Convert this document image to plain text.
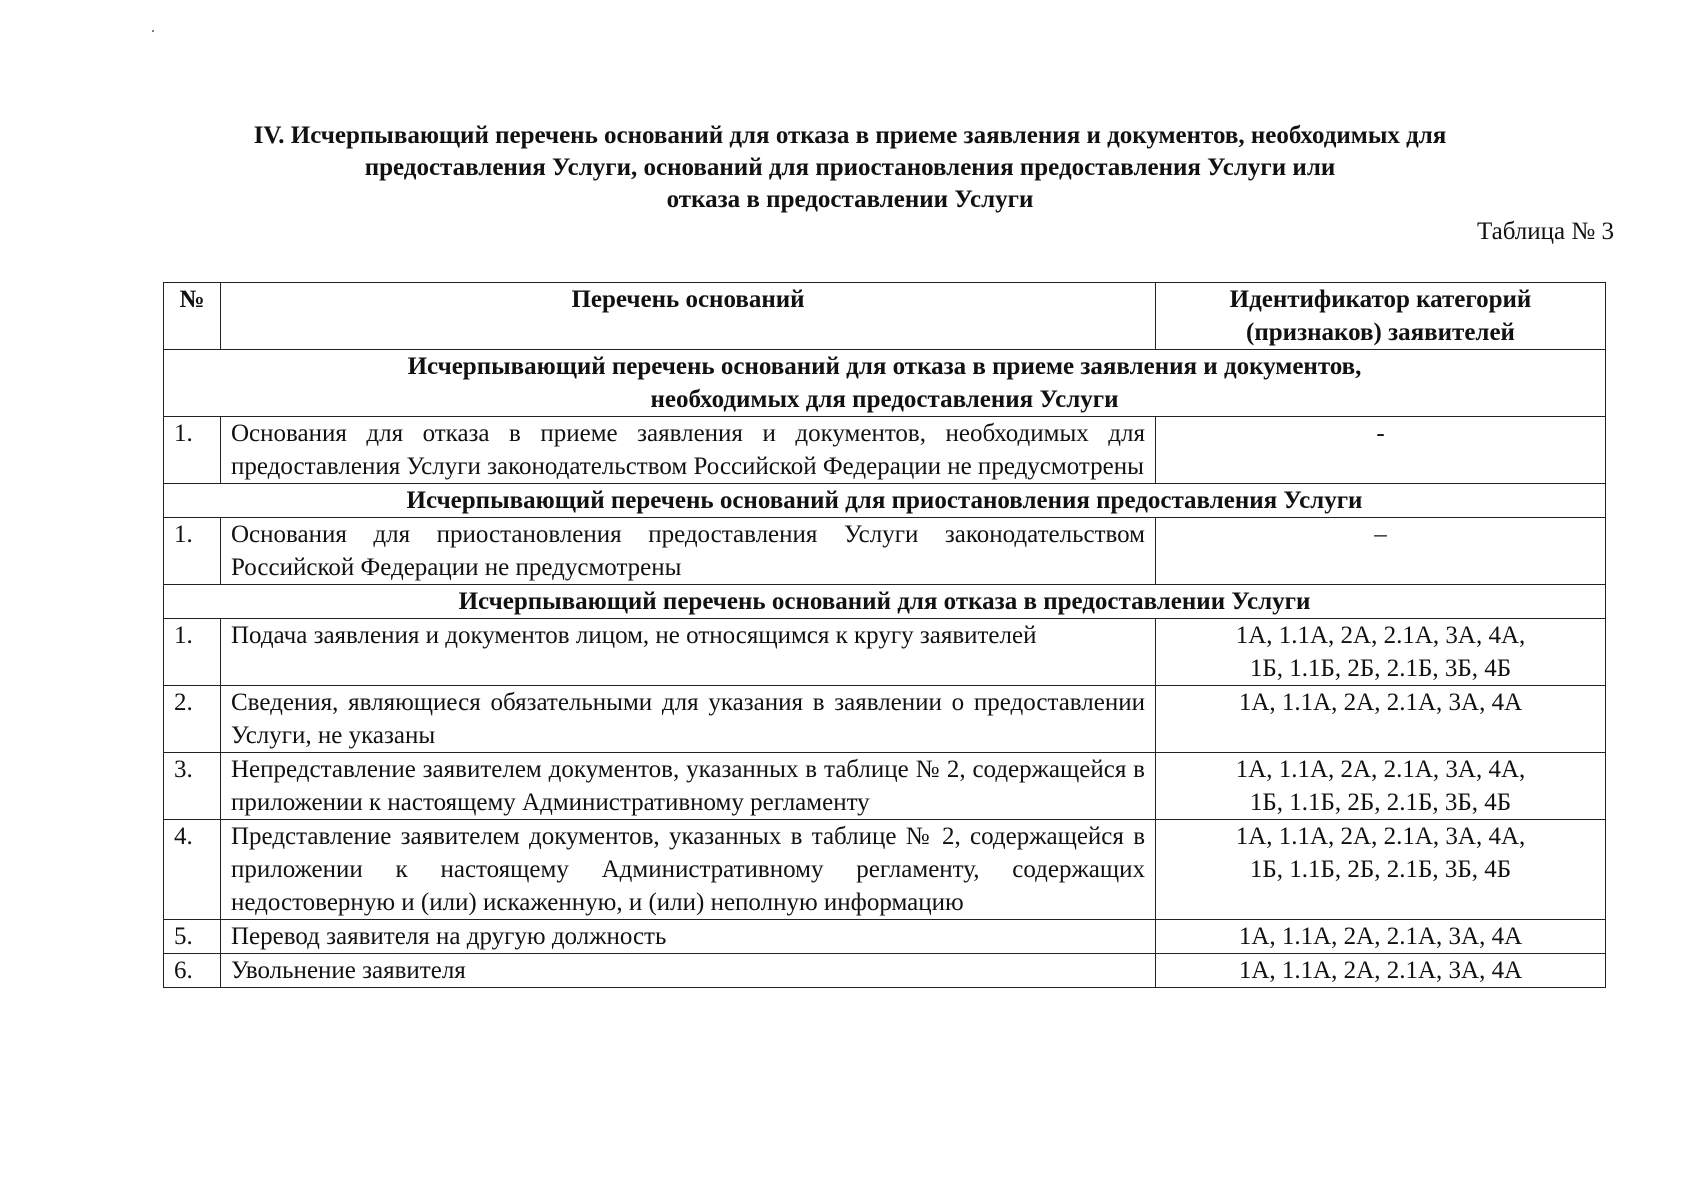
IV. Исчерпывающий перечень оснований для отказа в приеме заявления и документов, необходимых для
предоставления Услуги, оснований для приостановления предоставления Услуги или
отказа в предоставлении Услуги
Таблица № 3
№	Перечень оснований	Идентификатор категорий
(признаков) заявителей

Исчерпывающий перечень оснований для отказа в приеме заявления и документов,
необходимых для предоставления Услуги		

1.	Основания для отказа в приеме заявления и документов, необходимых для предоставления Услуги законодательством Российской Федерации не предусмотрены	-

Исчерпывающий перечень оснований для приостановления предоставления Услуги		
1.	Основания для приостановления предоставления Услуги законодательством Российской Федерации не предусмотрены	–

Исчерпывающий перечень оснований для отказа в предоставлении Услуги		
1.	Подача заявления и документов лицом, не относящимся к кругу заявителей	1А, 1.1А, 2А, 2.1А, 3А, 4А,
1Б, 1.1Б, 2Б, 2.1Б, 3Б, 4Б

2.	Сведения, являющиеся обязательными для указания в заявлении о предоставлении Услуги, не указаны	1А, 1.1А, 2А, 2.1А, 3А, 4А

3.	Непредставление заявителем документов, указанных в таблице № 2, содержащейся в приложении к настоящему Административному регламенту	1А, 1.1А, 2А, 2.1А, 3А, 4А,
1Б, 1.1Б, 2Б, 2.1Б, 3Б, 4Б

4.	Представление заявителем документов, указанных в таблице № 2, содержащейся в приложении к настоящему Административному регламенту, содержащих недостоверную и (или) искаженную, и (или) неполную информацию	1А, 1.1А, 2А, 2.1А, 3А, 4А,
1Б, 1.1Б, 2Б, 2.1Б, 3Б, 4Б

5.	Перевод заявителя на другую должность	1А, 1.1А, 2А, 2.1А, 3А, 4А

6.	Увольнение заявителя	1А, 1.1А, 2А, 2.1А, 3А, 4А
